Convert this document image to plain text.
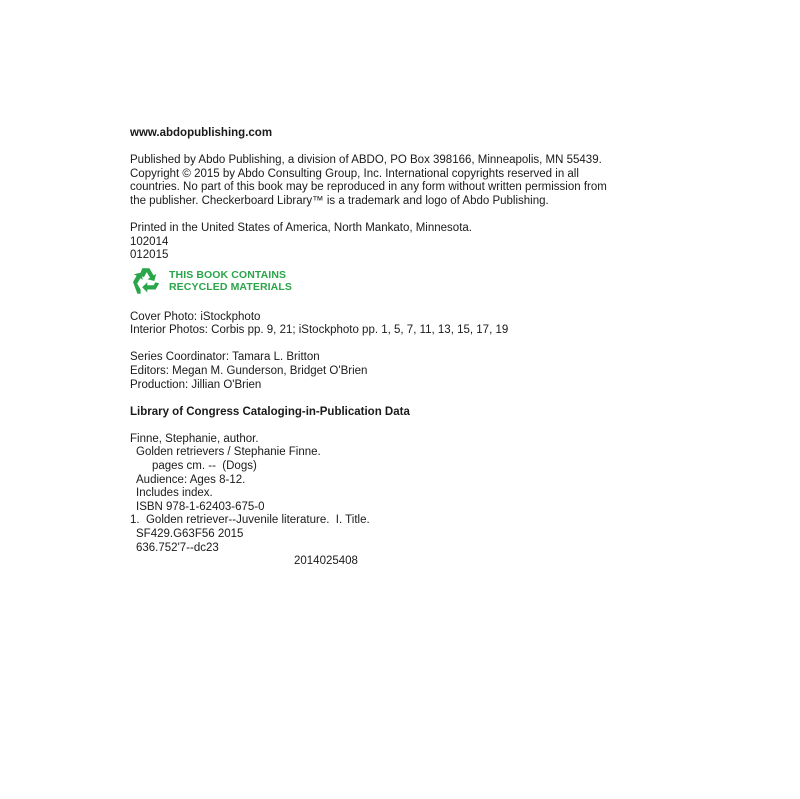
www.abdopublishing.com
Published by Abdo Publishing, a division of ABDO, PO Box 398166, Minneapolis, MN 55439.
Copyright © 2015 by Abdo Consulting Group, Inc. International copyrights reserved in all
countries. No part of this book may be reproduced in any form without written permission from
the publisher. Checkerboard Library™ is a trademark and logo of Abdo Publishing.
Printed in the United States of America, North Mankato, Minnesota.
102014
012015
THIS BOOK CONTAINS
RECYCLED MATERIALS
Cover Photo: iStockphoto
Interior Photos: Corbis pp. 9, 21; iStockphoto pp. 1, 5, 7, 11, 13, 15, 17, 19
Series Coordinator: Tamara L. Britton
Editors: Megan M. Gunderson, Bridget O'Brien
Production: Jillian O'Brien
Library of Congress Cataloging-in-Publication Data
Finne, Stephanie, author.
Golden retrievers / Stephanie Finne.
pages cm. --  (Dogs)
Audience: Ages 8-12.
Includes index.
ISBN 978-1-62403-675-0
1.  Golden retriever--Juvenile literature.  I. Title.
SF429.G63F56 2015
636.752'7--dc23
2014025408
